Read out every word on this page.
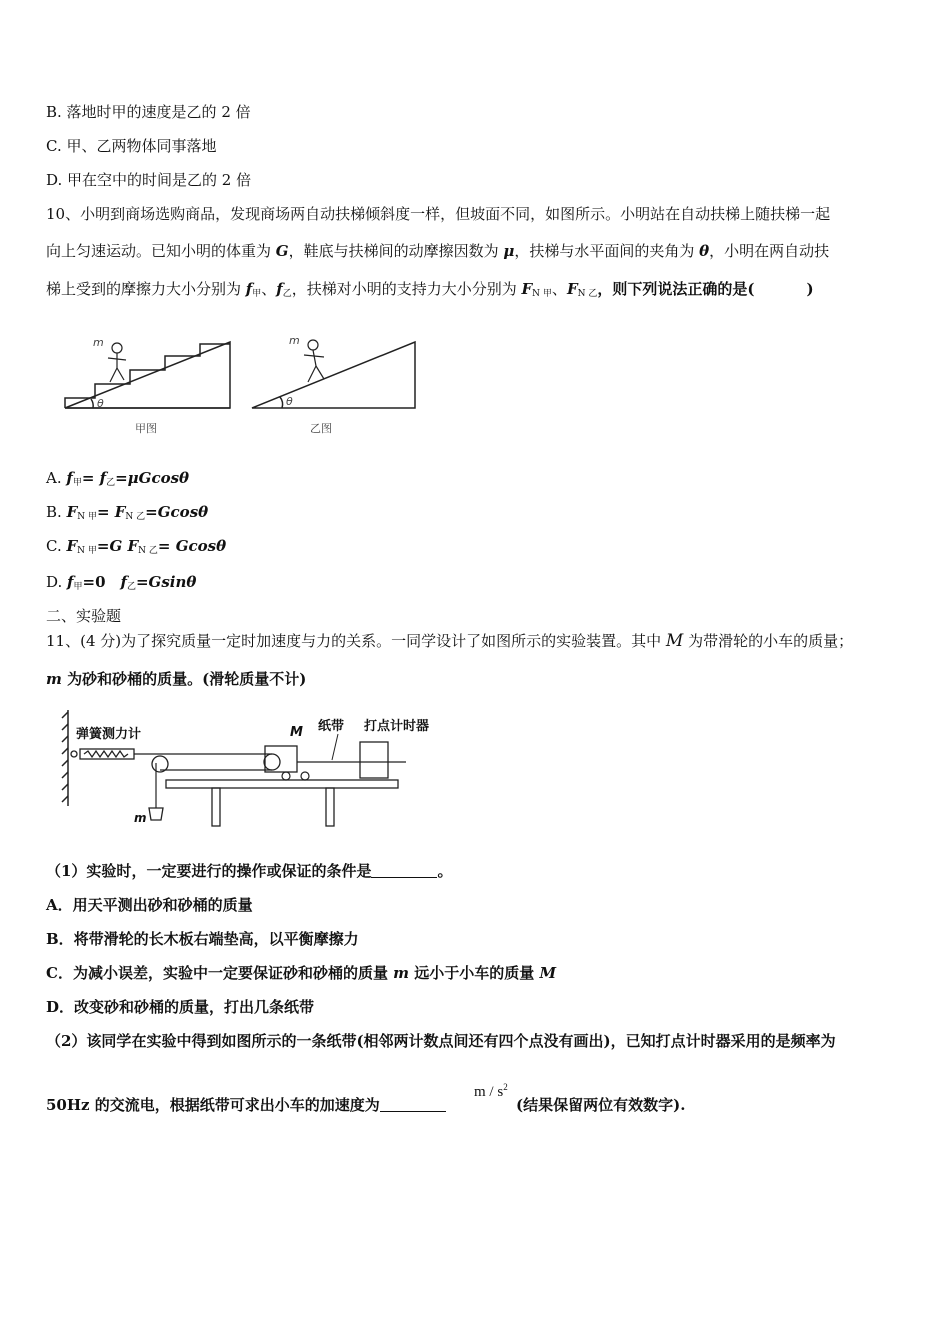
B. 落地时甲的速度是乙的 2 倍
C. 甲、乙两物体同事落地
D. 甲在空中的时间是乙的 2 倍
10、小明到商场选购商品，发现商场两自动扶梯倾斜度一样，但坡面不同，如图所示。小明站在自动扶梯上随扶梯一起
向上匀速运动。已知小明的体重为 G，鞋底与扶梯间的动摩擦因数为 μ，扶梯与水平面间的夹角为 θ，小明在两自动扶
梯上受到的摩擦力大小分别为 $f_甲$、$f_乙$，扶梯对小明的支持力大小分别为 $F_{N 甲}$、$F_{N 乙}$，则下列说法正确的是(	)
m
θ
甲图
m
θ
乙图
A. $f_甲= f_乙=\mu Gcos\theta$
B. $F_{N 甲}= F_{N 乙}=Gcos\theta$
C. $F_{N 甲}=G$ $F_{N 乙}= Gcos\theta$
D. $f_甲=0$　$f_乙=Gsin\theta$
二、实验题
11、(4 分)为了探究质量一定时加速度与力的关系。一同学设计了如图所示的实验装置。其中 M 为带滑轮的小车的质量；
m 为砂和砂桶的质量。(滑轮质量不计)
弹簧测力计
m
M 纸带 打点计时器
（1）实验时，一定要进行的操作或保证的条件是	。
A．用天平测出砂和砂桶的质量
B．将带滑轮的长木板右端垫高，以平衡摩擦力
C．为减小误差，实验中一定要保证砂和砂桶的质量 m 远小于小车的质量 M
D．改变砂和砂桶的质量，打出几条纸带
（2）该同学在实验中得到如图所示的一条纸带(相邻两计数点间还有四个点没有画出)，已知打点计时器采用的是频率为
50Hz 的交流电，根据纸带可求出小车的加速度为
m / $s^2$
(结果保留两位有效数字).
